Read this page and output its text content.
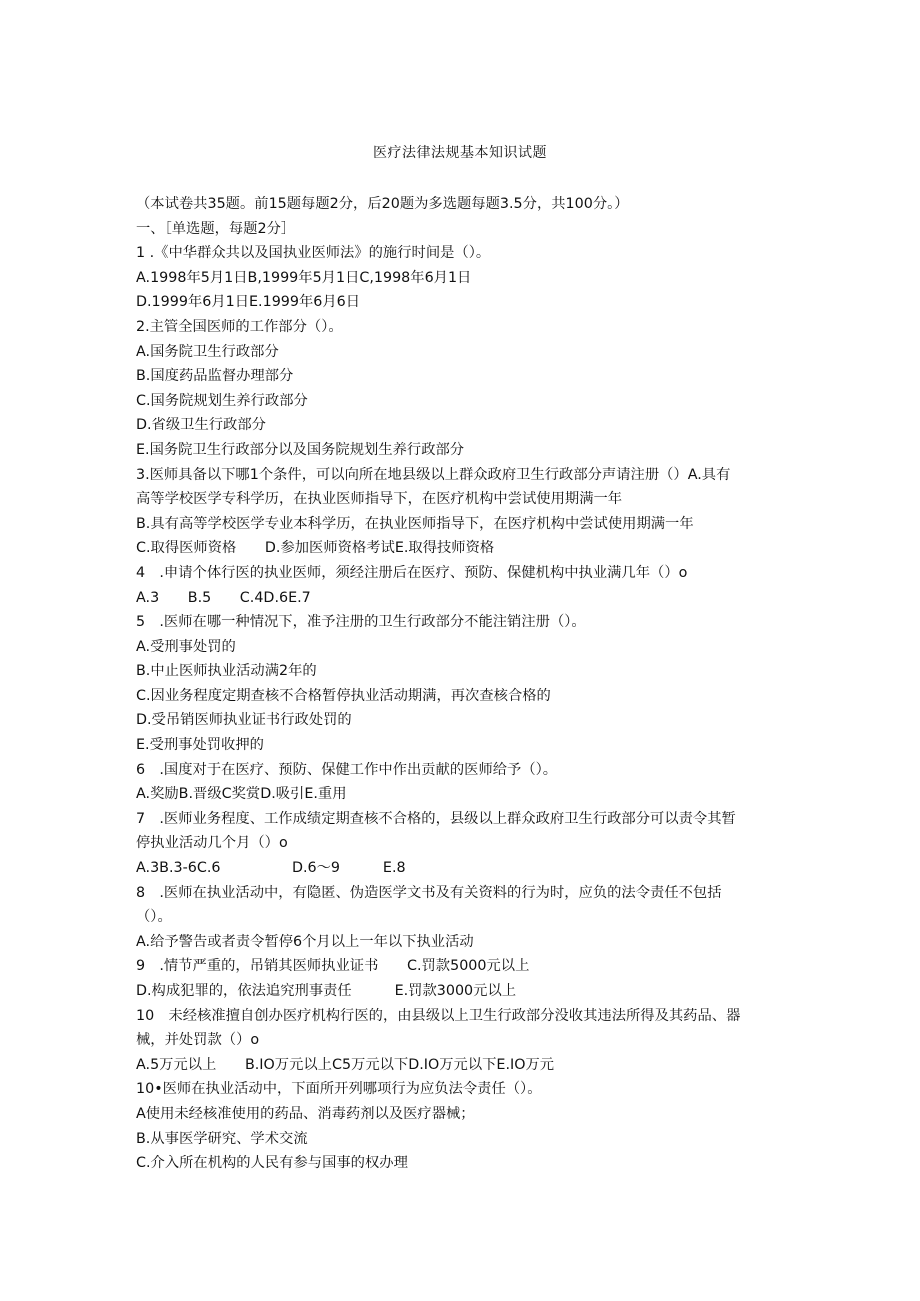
医疗法律法规基本知识试题
（本试卷共35题。前15题每题2分，后20题为多选题每题3.5分，共100分。）
一、［单选题，每题2分］
1 .《中华群众共以及国执业医师法》的施行时间是（）。
A.1998年5月1日B,1999年5月1日C,1998年6月1日
D.1999年6月1日E.1999年6月6日
2.主管全国医师的工作部分（）。
A.国务院卫生行政部分
B.国度药品监督办理部分
C.国务院规划生养行政部分
D.省级卫生行政部分
E.国务院卫生行政部分以及国务院规划生养行政部分
3.医师具备以下哪1个条件，可以向所在地县级以上群众政府卫生行政部分声请注册（）A.具有
高等学校医学专科学历，在执业医师指导下，在医疗机构中尝试使用期满一年
B.具有高等学校医学专业本科学历，在执业医师指导下，在医疗机构中尝试使用期满一年
C.取得医师资格　　D.参加医师资格考试E.取得技师资格
4　.申请个体行医的执业医师，须经注册后在医疗、预防、保健机构中执业满几年（）o
A.3　　B.5　　C.4D.6E.7
5　.医师在哪一种情况下，准予注册的卫生行政部分不能注销注册（）。
A.受刑事处罚的
B.中止医师执业活动满2年的
C.因业务程度定期查核不合格暂停执业活动期满，再次查核合格的
D.受吊销医师执业证书行政处罚的
E.受刑事处罚收押的
6　.国度对于在医疗、预防、保健工作中作出贡献的医师给予（）。
A.奖励B.晋级C奖赏D.吸引E.重用
7　.医师业务程度、工作成绩定期查核不合格的，县级以上群众政府卫生行政部分可以责令其暂
停执业活动几个月（）o
A.3B.3-6C.6　　　　　D.6〜9　　　E.8
8　.医师在执业活动中，有隐匿、伪造医学文书及有关资料的行为时，应负的法令责任不包括
（）。
A.给予警告或者责令暂停6个月以上一年以下执业活动
9　.情节严重的，吊销其医师执业证书　　C.罚款5000元以上
D.构成犯罪的，依法追究刑事责任　　　E.罚款3000元以上
10　未经核准擅自创办医疗机构行医的，由县级以上卫生行政部分没收其违法所得及其药品、器
械，并处罚款（）o
A.5万元以上　　B.IO万元以上C5万元以下D.IO万元以下E.IO万元
10•医师在执业活动中，下面所开列哪项行为应负法令责任（）。
A使用未经核准使用的药品、消毒药剂以及医疗器械；
B.从事医学研究、学术交流
C.介入所在机构的人民有参与国事的权办理
